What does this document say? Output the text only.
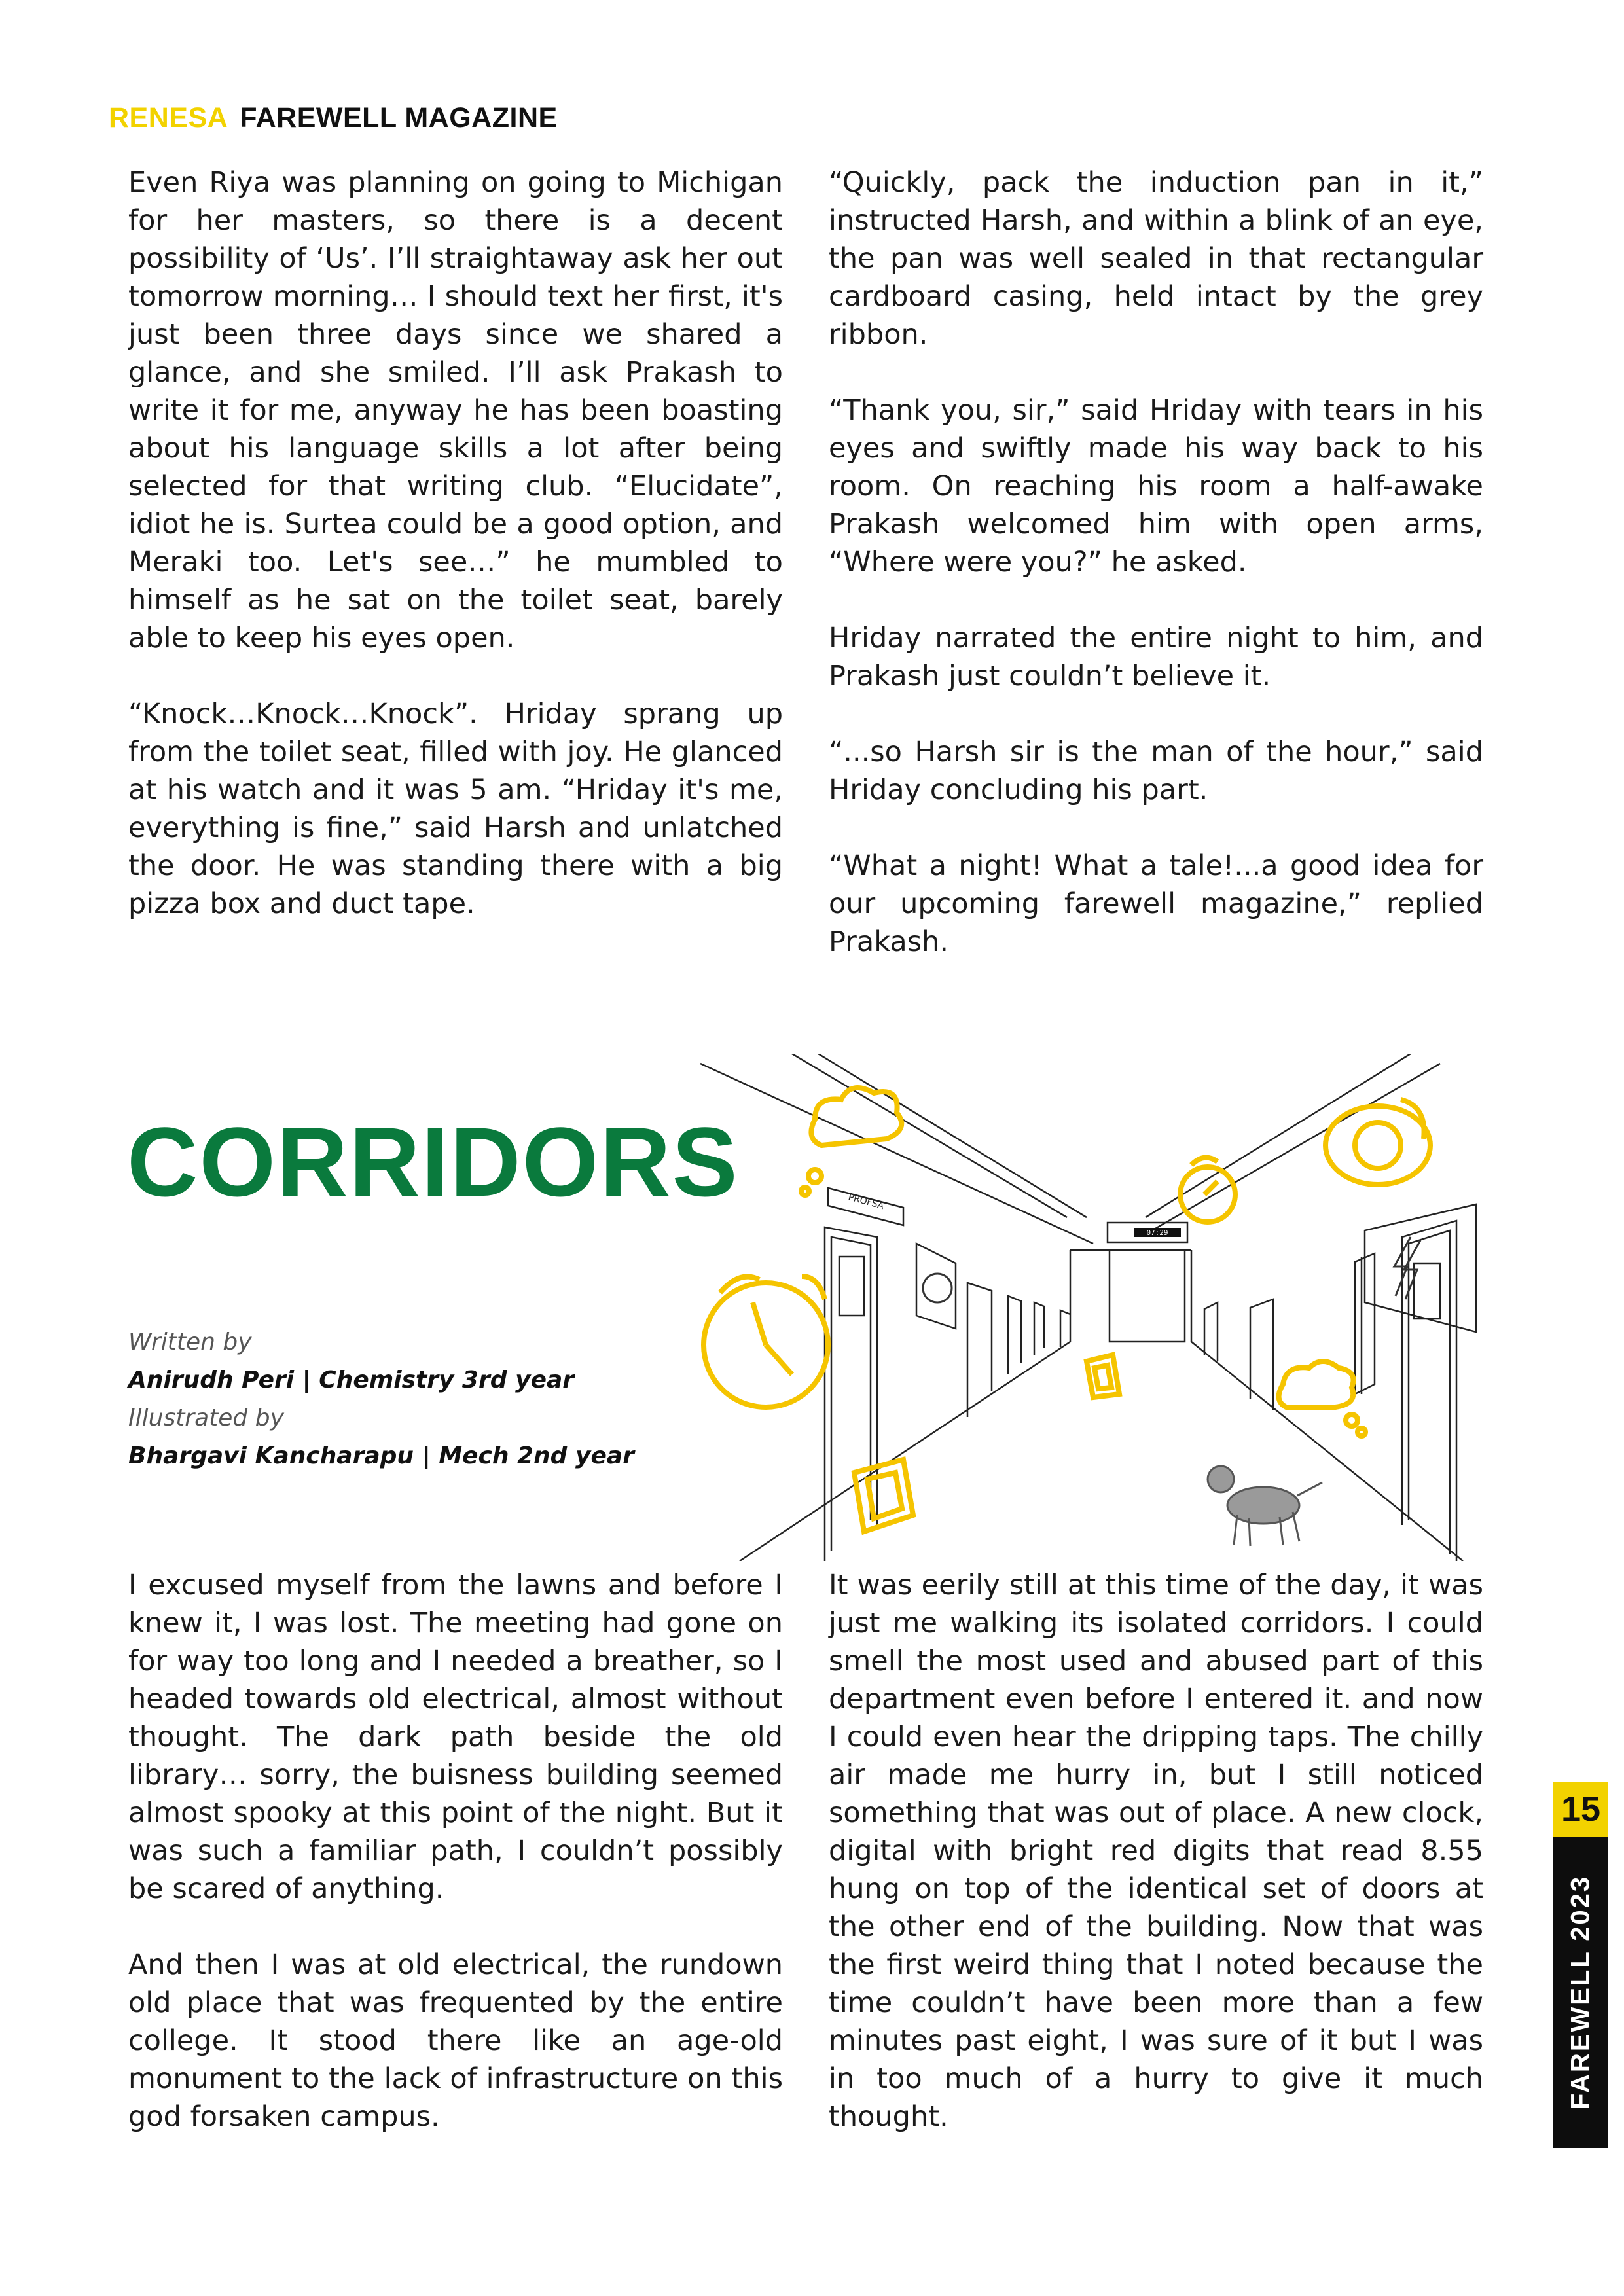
RENESA FAREWELL MAGAZINE

Even Riya was planning on going to Michigan for her masters, so there is a decent possibility of ‘Us’. I’ll straightaway ask her out tomorrow morning… I should text her first, it's just been three days since we shared a glance, and she smiled. I’ll ask Prakash to write it for me, anyway he has been boasting about his language skills a lot after being selected for that writing club. “Elucidate”, idiot he is. Surtea could be a good option, and Meraki too. Let's see…” he mumbled to himself as he sat on the toilet seat, barely able to keep his eyes open.

“Knock…Knock…Knock”. Hriday sprang up from the toilet seat, filled with joy. He glanced at his watch and it was 5 am. “Hriday it's me, everything is fine,” said Harsh and unlatched the door. He was standing there with a big pizza box and duct tape.

“Quickly, pack the induction pan in it,” instructed Harsh, and within a blink of an eye, the pan was well sealed in that rectangular cardboard casing, held intact by the grey ribbon.

“Thank you, sir,” said Hriday with tears in his eyes and swiftly made his way back to his room. On reaching his room a half-awake Prakash welcomed him with open arms, “Where were you?” he asked.

Hriday narrated the entire night to him, and Prakash just couldn’t believe it.

“...so Harsh sir is the man of the hour,” said Hriday concluding his part.

“What a night! What a tale!...a good idea for our upcoming farewell magazine,” replied Prakash.

CORRIDORS
Written by
Anirudh Peri | Chemistry 3rd year
Illustrated by
Bhargavi Kancharapu | Mech 2nd year
07:29
PROFSA

I excused myself from the lawns and before I knew it, I was lost. The meeting had gone on for way too long and I needed a breather, so I headed towards old electrical, almost without thought. The dark path beside the old library… sorry, the buisness building seemed almost spooky at this point of the night. But it was such a familiar path, I couldn’t possibly be scared of anything.

And then I was at old electrical, the rundown old place that was frequented by the entire college. It stood there like an age-old monument to the lack of infrastructure on this god forsaken campus.

It was eerily still at this time of the day, it was just me walking its isolated corridors. I could smell the most used and abused part of this department even before I entered it. and now I could even hear the dripping taps. The chilly air made me hurry in, but I still noticed something that was out of place. A new clock, digital with bright red digits that read 8.55 hung on top of the identical set of doors at the other end of the building. Now that was the first weird thing that I noted because the time couldn’t have been more than a few minutes past eight, I was sure of it but I was in too much of a hurry to give it much thought.

15
FAREWELL 2023
